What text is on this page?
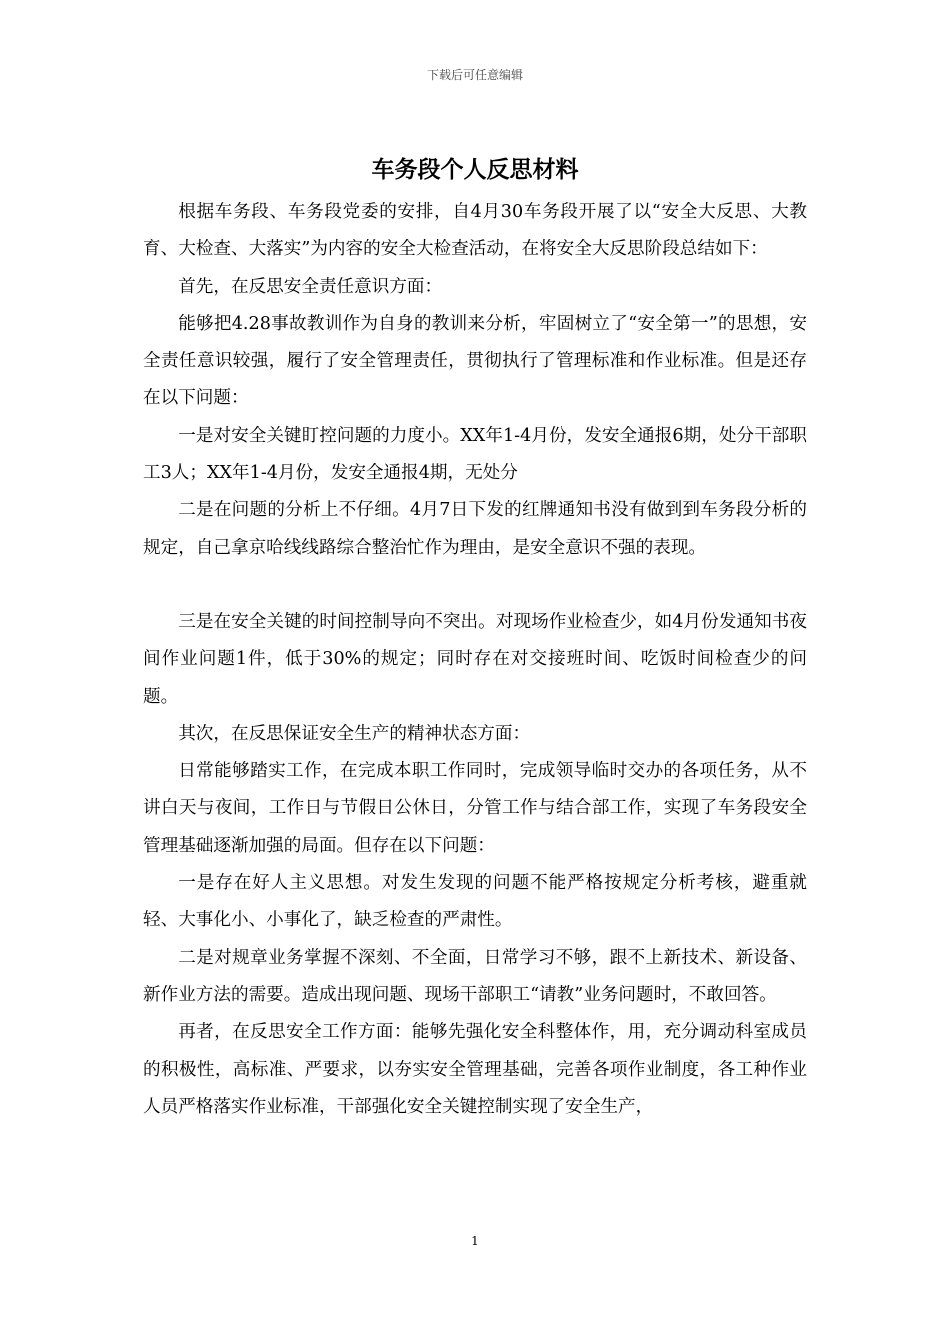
下载后可任意编辑
车务段个人反思材料

根据车务段、车务段党委的安排，自4月30车务段开展了以“安全大反思、大教育、大检查、大落实”为内容的安全大检查活动，在将安全大反思阶段总结如下：

首先，在反思安全责任意识方面：

能够把4.28事故教训作为自身的教训来分析，牢固树立了“安全第一”的思想，安全责任意识较强，履行了安全管理责任，贯彻执行了管理标准和作业标准。但是还存在以下问题：

一是对安全关键盯控问题的力度小。XX年1-4月份，发安全通报6期，处分干部职工3人；XX年1-4月份，发安全通报4期，无处分

二是在问题的分析上不仔细。4月7日下发的红牌通知书没有做到到车务段分析的规定，自己拿京哈线线路综合整治忙作为理由，是安全意识不强的表现。

三是在安全关键的时间控制导向不突出。对现场作业检查少，如4月份发通知书夜间作业问题1件，低于30%的规定；同时存在对交接班时间、吃饭时间检查少的问题。

其次，在反思保证安全生产的精神状态方面：

日常能够踏实工作，在完成本职工作同时，完成领导临时交办的各项任务，从不讲白天与夜间，工作日与节假日公休日，分管工作与结合部工作，实现了车务段安全管理基础逐渐加强的局面。但存在以下问题：

一是存在好人主义思想。对发生发现的问题不能严格按规定分析考核，避重就轻、大事化小、小事化了，缺乏检查的严肃性。

二是对规章业务掌握不深刻、不全面，日常学习不够，跟不上新技术、新设备、新作业方法的需要。造成出现问题、现场干部职工“请教”业务问题时，不敢回答。

再者，在反思安全工作方面：能够先强化安全科整体作，用，充分调动科室成员的积极性，高标准、严要求，以夯实安全管理基础，完善各项作业制度，各工种作业人员严格落实作业标准，干部强化安全关键控制实现了安全生产，

1
